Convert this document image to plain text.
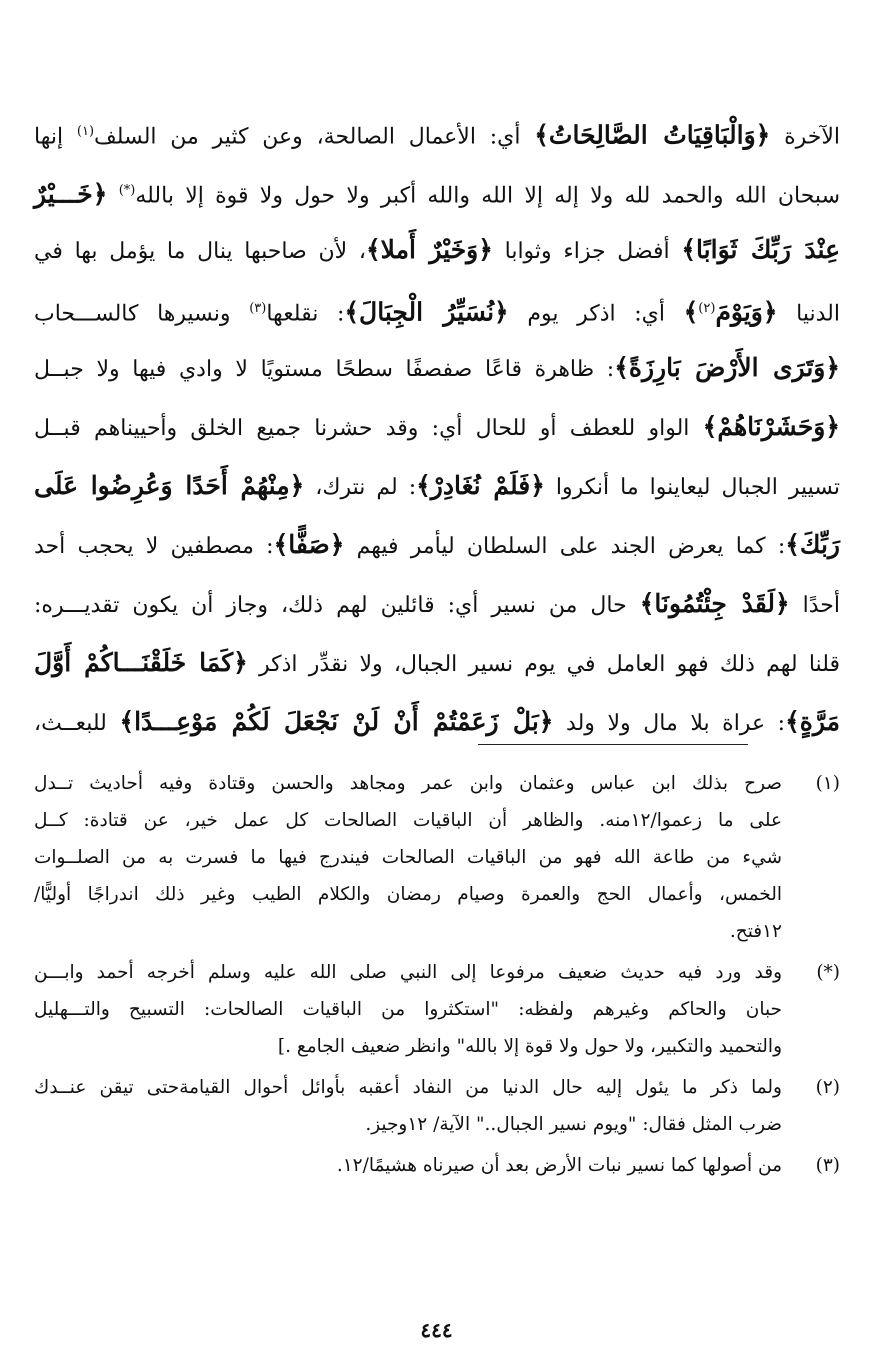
الآخرة ﴿وَالْبَاقِيَاتُ الصَّالِحَاتُ﴾ أي: الأعمال الصالحة، وعن كثير من السلف$^{(١)}$ إنها
سبحان الله والحمد لله ولا إله إلا الله والله أكبر ولا حول ولا قوة إلا بالله(*) ﴿خَـــيْرٌ
عِنْدَ رَبِّكَ ثَوَابًا﴾ أفضل جزاء وثوابا ﴿وَخَيْرٌ أَملا﴾، لأن صاحبها ينال ما يؤمل بها في
الدنيا ﴿وَيَوْمَ$^{(٢)}$﴾ أي: اذكر يوم ﴿نُسَيِّرُ الْجِبَالَ﴾: نقلعها$^{(٣)}$ ونسيرها كالســـحاب
﴿وَتَرَى الأَرْضَ بَارِزَةً﴾: ظاهرة قاعًا صفصفًا سطحًا مستويًا لا وادي فيها ولا جبــل
﴿وَحَشَرْنَاهُمْ﴾ الواو للعطف أو للحال أي: وقد حشرنا جميع الخلق وأحييناهم قبــل
تسيير الجبال ليعاينوا ما أنكروا ﴿فَلَمْ نُغَادِرْ﴾: لم نترك، ﴿مِنْهُمْ أَحَدًا وَعُرِضُوا عَلَى
رَبِّكَ﴾: كما يعرض الجند على السلطان ليأمر فيهم ﴿صَفًّا﴾: مصطفين لا يحجب أحد
أحدًا ﴿لَقَدْ جِئْتُمُونَا﴾ حال من نسير أي: قائلين لهم ذلك، وجاز أن يكون تقديـــره:
قلنا لهم ذلك فهو العامل في يوم نسير الجبال، ولا نقدِّر اذكر ﴿كَمَا خَلَقْنَـــاكُمْ أَوَّلَ
مَرَّةٍ﴾: عراة بلا مال ولا ولد ﴿بَلْ زَعَمْتُمْ أَنْ لَنْ نَجْعَلَ لَكُمْ مَوْعِـــدًا﴾ للبعــث،
(١)
صرح بذلك ابن عباس وعثمان وابن عمر ومجاهد والحسن وقتادة وفيه أحاديث تــدل
على ما زعموا/١٢منه. والظاهر أن الباقيات الصالحات كل عمل خير، عن قتادة: كــل
شيء من طاعة الله فهو من الباقيات الصالحات فيندرج فيها ما فسرت به من الصلــوات
الخمس، وأعمال الحج والعمرة وصيام رمضان والكلام الطيب وغير ذلك اندراجًا أوليًّا/
١٢فتح.
(*)
وقد ورد فيه حديث ضعيف مرفوعا إلى النبي صلى الله عليه وسلم أخرجه أحمد وابـــن
حبان والحاكم وغيرهم ولفظه: "استكثروا من الباقيات الصالحات: التسبيح والتـــهليل
والتحميد والتكبير، ولا حول ولا قوة إلا بالله" وانظر ضعيف الجامع .]
(٢)
ولما ذكر ما يئول إليه حال الدنيا من النفاد أعقبه بأوائل أحوال القيامةحتى تيقن عنــدك
ضرب المثل فقال: "ويوم نسير الجبال.." الآية/ ١٢وجيز.
(٣)
من أصولها كما نسير نبات الأرض بعد أن صيرناه هشيمًا/١٢.
٤٤٤
